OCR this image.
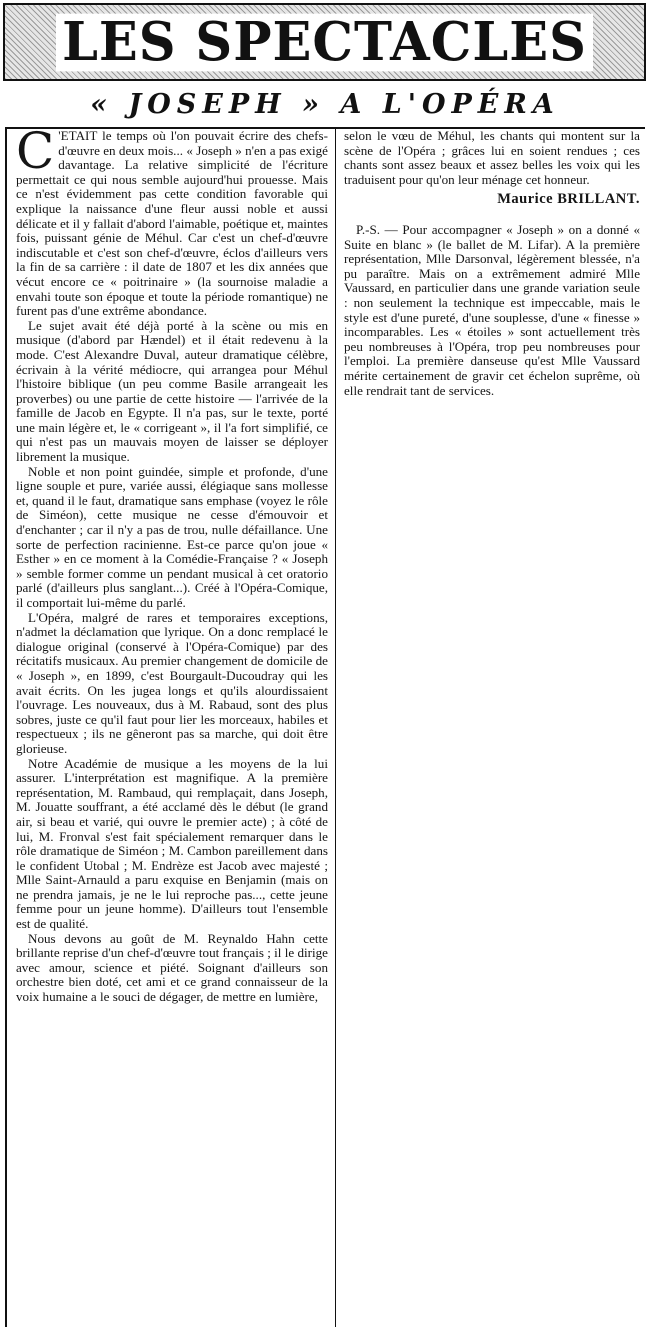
LES SPECTACLES
« JOSEPH » A L'OPÉRA

C 'ETAIT le temps où l'on pouvait écrire des chefs-d'œuvre en deux mois... « Joseph » n'en a pas exigé davantage. La relative simplicité de l'écriture permettait ce qui nous semble aujourd'hui prouesse. Mais ce n'est évidemment pas cette condition favorable qui explique la naissance d'une fleur aussi noble et aussi délicate et il y fallait d'abord l'aimable, poétique et, maintes fois, puissant génie de Méhul. Car c'est un chef-d'œuvre indiscutable et c'est son chef-d'œuvre, éclos d'ailleurs vers la fin de sa carrière : il date de 1807 et les dix années que vécut encore ce « poitrinaire » (la sournoise maladie a envahi toute son époque et toute la période romantique) ne furent pas d'une extrême abondance.

Le sujet avait été déjà porté à la scène ou mis en musique (d'abord par Hændel) et il était redevenu à la mode. C'est Alexandre Duval, auteur dramatique célèbre, écrivain à la vérité médiocre, qui arrangea pour Méhul l'histoire biblique (un peu comme Basile arrangeait les proverbes) ou une partie de cette histoire — l'arrivée de la famille de Jacob en Egypte. Il n'a pas, sur le texte, porté une main légère et, le « corrigeant », il l'a fort simplifié, ce qui n'est pas un mauvais moyen de laisser se déployer librement la musique.

Noble et non point guindée, simple et profonde, d'une ligne souple et pure, variée aussi, élégiaque sans mollesse et, quand il le faut, dramatique sans emphase (voyez le rôle de Siméon), cette musique ne cesse d'émouvoir et d'enchanter ; car il n'y a pas de trou, nulle défaillance. Une sorte de perfection racinienne. Est-ce parce qu'on joue « Esther » en ce moment à la Comédie-Française ? « Joseph » semble former comme un pendant musical à cet oratorio parlé (d'ailleurs plus sanglant...). Créé à l'Opéra-Comique, il comportait lui-même du parlé.

L'Opéra, malgré de rares et temporaires exceptions, n'admet la déclamation que lyrique. On a donc remplacé le dialogue original (conservé à l'Opéra-Comique) par des récitatifs musicaux. Au premier changement de domicile de « Joseph », en 1899, c'est Bourgault-Ducoudray qui les avait écrits. On les jugea longs et qu'ils alourdissaient l'ouvrage. Les nouveaux, dus à M. Rabaud, sont des plus sobres, juste ce qu'il faut pour lier les morceaux, habiles et respectueux ; ils ne gêneront pas sa marche, qui doit être glorieuse.

Notre Académie de musique a les moyens de la lui assurer. L'interprétation est magnifique. A la première représentation, M. Rambaud, qui remplaçait, dans Joseph, M. Jouatte souffrant, a été acclamé dès le début (le grand air, si beau et varié, qui ouvre le premier acte) ; à côté de lui, M. Fronval s'est fait spécialement remarquer dans le rôle dramatique de Siméon ; M. Cambon pareillement dans le confident Utobal ; M. Endrèze est Jacob avec majesté ; Mlle Saint-Arnauld a paru exquise en Benjamin (mais on ne prendra jamais, je ne le lui reproche pas..., cette jeune femme pour un jeune homme). D'ailleurs tout l'ensemble est de qualité.

Nous devons au goût de M. Reynaldo Hahn cette brillante reprise d'un chef-d'œuvre tout français ; il le dirige avec amour, science et piété. Soignant d'ailleurs son orchestre bien doté, cet ami et ce grand connaisseur de la voix humaine a le souci de dégager, de mettre en lumière,

selon le vœu de Méhul, les chants qui montent sur la scène de l'Opéra ; grâces lui en soient rendues ; ces chants sont assez beaux et assez belles les voix qui les traduisent pour qu'on leur ménage cet honneur.

Maurice BRILLANT.

P.-S. — Pour accompagner « Joseph » on a donné « Suite en blanc » (le ballet de M. Lifar). A la première représentation, Mlle Darsonval, légèrement blessée, n'a pu paraître. Mais on a extrêmement admiré Mlle Vaussard, en particulier dans une grande variation seule : non seulement la technique est impeccable, mais le style est d'une pureté, d'une souplesse, d'une « finesse » incomparables. Les « étoiles » sont actuellement très peu nombreuses à l'Opéra, trop peu nombreuses pour l'emploi. La première danseuse qu'est Mlle Vaussard mérite certainement de gravir cet échelon suprême, où elle rendrait tant de services.
